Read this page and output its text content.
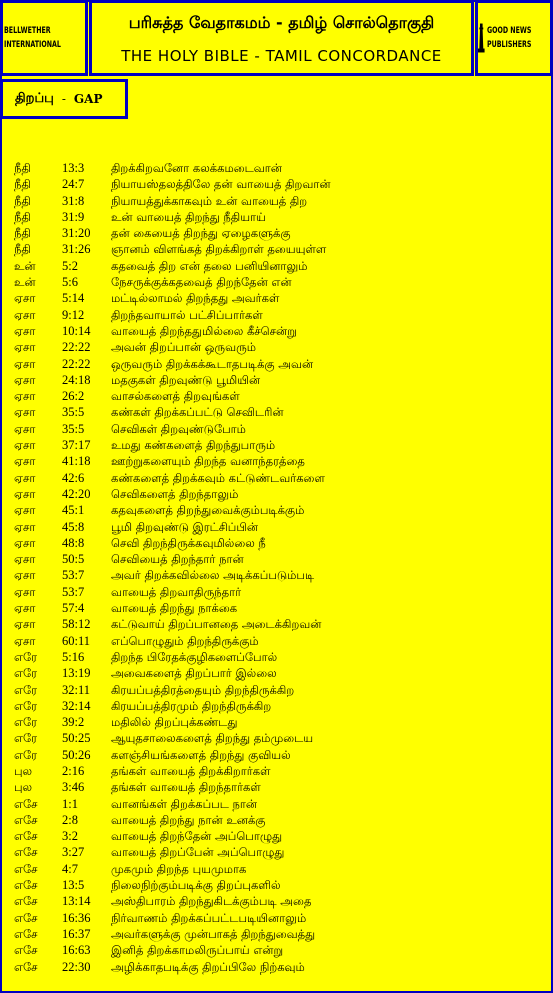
BELLWETHER
INTERNATIONAL
பரிசுத்த வேதாகமம் - தமிழ் சொல்தொகுதி
THE HOLY BIBLE - TAMIL CONCORDANCE
GOOD NEWS
PUBLISHERS
திறப்பு - GAP
நீதி	13:3	திறக்கிறவனோ கலக்கமடைவான்
நீதி	24:7	நியாயஸ்தலத்திலே தன் வாயைத் திறவான்
நீதி	31:8	நியாயத்துக்காகவும் உன் வாயைத் திற
நீதி	31:9	உன் வாயைத் திறந்து நீதியாய்
நீதி	31:20	தன் கையைத் திறந்து ஏழைகளுக்கு
நீதி	31:26	ஞானம் விளங்கத் திறக்கிறாள் தயையுள்ள
உன்	5:2	கதவைத் திற என் தலை பனியினாலும்
உன்	5:6	நேசருக்குக்கதவைத் திறந்தேன் என்
ஏசா	5:14	மட்டில்லாமல் திறந்தது அவர்கள்
ஏசா	9:12	திறந்தவாயால் பட்சிப்பார்கள்
ஏசா	10:14	வாயைத் திறந்ததுமில்லை கீச்சென்று
ஏசா	22:22	அவன் திறப்பான் ஒருவரும்
ஏசா	22:22	ஒருவரும் திறக்கக்கூடாதபடிக்கு அவன்
ஏசா	24:18	மதகுகள் திறவுண்டு பூமியின்
ஏசா	26:2	வாசல்களைத் திறவுங்கள்
ஏசா	35:5	கண்கள் திறக்கப்பட்டு செவிடரின்
ஏசா	35:5	செவிகள் திறவுண்டுபோம்
ஏசா	37:17	உமது கண்களைத் திறந்துபாரும்
ஏசா	41:18	ஊற்றுகளையும் திறந்த வனாந்தரத்தை
ஏசா	42:6	கண்களைத் திறக்கவும் கட்டுண்டவர்களை
ஏசா	42:20	செவிகளைத் திறந்தாலும்
ஏசா	45:1	கதவுகளைத் திறந்துவைக்கும்படிக்கும்
ஏசா	45:8	பூமி திறவுண்டு இரட்சிப்பின்
ஏசா	48:8	செவி திறந்திருக்கவுமில்லை நீ
ஏசா	50:5	செவியைத் திறந்தார் நான்
ஏசா	53:7	அவர் திறக்கவில்லை அடிக்கப்படும்படி
ஏசா	53:7	வாயைத் திறவாதிருந்தார்
ஏசா	57:4	வாயைத் திறந்து நாக்கை
ஏசா	58:12	கட்டுவாய் திறப்பானதை அடைக்கிறவன்
ஏசா	60:11	எப்பொழுதும் திறந்திருக்கும்
எரே	5:16	திறந்த பிரேதக்குழிகளைப்போல்
எரே	13:19	அவைகளைத் திறப்பார் இல்லை
எரே	32:11	கிரயப்பத்திரத்தையும் திறந்திருக்கிற
எரே	32:14	கிரயப்பத்திரமும் திறந்திருக்கிற
எரே	39:2	மதிலில் திறப்புக்கண்டது
எரே	50:25	ஆயுதசாலைகளைத் திறந்து தம்முடைய
எரே	50:26	களஞ்சியங்களைத் திறந்து குவியல்
புல	2:16	தங்கள் வாயைத் திறக்கிறார்கள்
புல	3:46	தங்கள் வாயைத் திறந்தார்கள்
எசே	1:1	வானங்கள் திறக்கப்பட நான்
எசே	2:8	வாயைத் திறந்து நான் உனக்கு
எசே	3:2	வாயைத் திறந்தேன் அப்பொழுது
எசே	3:27	வாயைத் திறப்பேன் அப்பொழுது
எசே	4:7	முகமும் திறந்த புயமுமாக
எசே	13:5	நிலைநிற்கும்படிக்கு திறப்புகளில்
எசே	13:14	அஸ்திபாரம் திறந்துகிடக்கும்படி அதை
எசே	16:36	நிர்வாணம் திறக்கப்பட்டபடியினாலும்
எசே	16:37	அவர்களுக்கு முன்பாகத் திறந்துவைத்து
எசே	16:63	இனித் திறக்காமலிருப்பாய் என்று
எசே	22:30	அழிக்காதபடிக்கு திறப்பிலே நிற்கவும்
